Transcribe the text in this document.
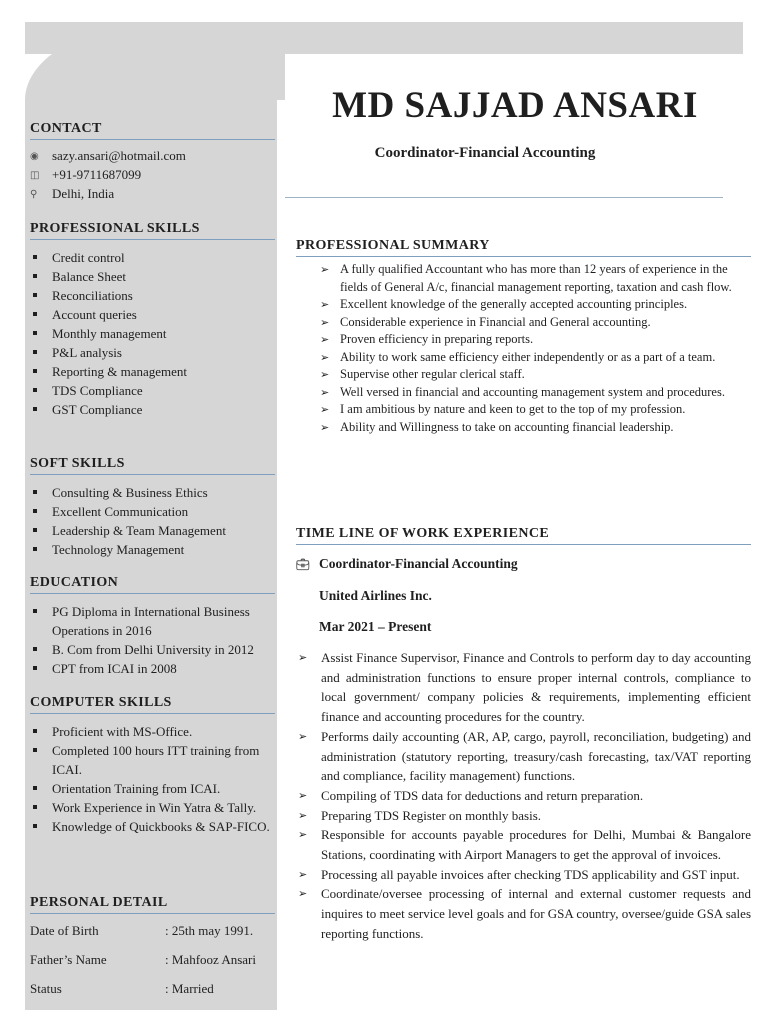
MD SAJJAD ANSARI
Coordinator-Financial Accounting
CONTACT
◉	sazy.ansari@hotmail.com
◫ +91-9711687099
⚲	Delhi, India
PROFESSIONAL SKILLS
Credit control
Balance Sheet
Reconciliations
Account queries
Monthly management
P&L analysis
Reporting & management
TDS Compliance
GST Compliance
SOFT SKILLS
Consulting & Business Ethics
Excellent Communication
Leadership & Team Management
Technology Management
EDUCATION
PG Diploma in International Business Operations in 2016
B. Com from Delhi University in 2012
CPT from ICAI in 2008
COMPUTER SKILLS
Proficient with MS-Office.
Completed 100 hours ITT training from ICAI.
Orientation Training from ICAI.
Work Experience in Win Yatra & Tally.
Knowledge of Quickbooks & SAP-FICO.
PERSONAL DETAIL
Date of Birth	: 25th may 1991.
Father’s Name	: Mahfooz Ansari
Status	: Married
PROFESSIONAL SUMMARY
➢ A fully qualified Accountant who has more than 12 years of experience in the fields of General A/c, financial management reporting, taxation and cash flow.
➢ Excellent knowledge of the generally accepted accounting principles.
➢ Considerable experience in Financial and General accounting.
➢ Proven efficiency in preparing reports.
➢ Ability to work same efficiency either independently or as a part of a team.
➢ Supervise other regular clerical staff.
➢ Well versed in financial and accounting management system and procedures.
➢ I am ambitious by nature and keen to get to the top of my profession.
➢ Ability and Willingness to take on accounting financial leadership.
TIME LINE OF WORK EXPERIENCE
💼︎ Coordinator-Financial Accounting
United Airlines Inc.
Mar 2021 – Present
➢ Assist Finance Supervisor, Finance and Controls to perform day to day accounting and administration functions to ensure proper internal controls, compliance to local government/ company policies & requirements, implementing efficient finance and accounting procedures for the country.
➢ Performs daily accounting (AR, AP, cargo, payroll, reconciliation, budgeting) and administration (statutory reporting, treasury/cash forecasting, tax/VAT reporting and compliance, facility management) functions.
➢ Compiling of TDS data for deductions and return preparation.
➢ Preparing TDS Register on monthly basis.
➢ Responsible for accounts payable procedures for Delhi, Mumbai & Bangalore Stations, coordinating with Airport Managers to get the approval of invoices.
➢ Processing all payable invoices after checking TDS applicability and GST input.
➢ Coordinate/oversee processing of internal and external customer requests and inquires to meet service level goals and for GSA country, oversee/guide GSA sales reporting functions.
